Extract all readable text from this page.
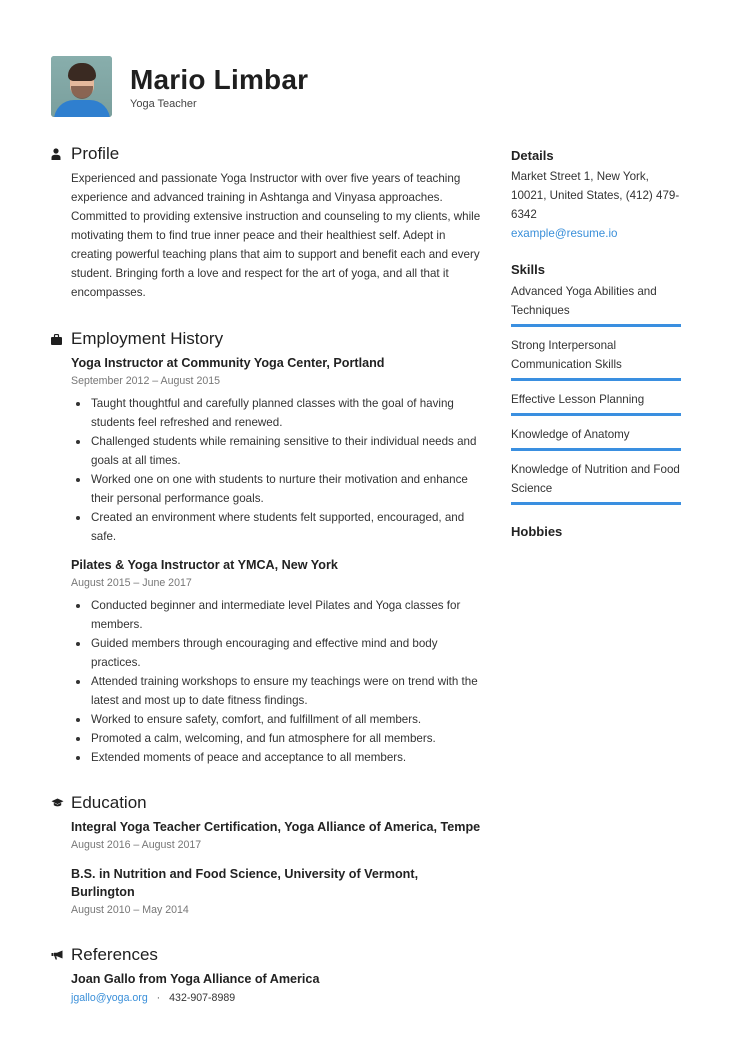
Mario Limbar
Yoga Teacher
Profile

Experienced and passionate Yoga Instructor with over five years of teaching experience and advanced training in Ashtanga and Vinyasa approaches. Committed to providing extensive instruction and counseling to my clients, while motivating them to find true inner peace and their healthiest self. Adept in creating powerful teaching plans that aim to support and benefit each and every student. Bringing forth a love and respect for the art of yoga, and all that it encompasses.

Employment History
Yoga Instructor at Community Yoga Center, Portland
September 2012 – August 2015
Taught thoughtful and carefully planned classes with the goal of having students feel refreshed and renewed.
Challenged students while remaining sensitive to their individual needs and goals at all times.
Worked one on one with students to nurture their motivation and enhance their personal performance goals.
Created an environment where students felt supported, encouraged, and safe.
Pilates & Yoga Instructor at YMCA, New York
August 2015 – June 2017
Conducted beginner and intermediate level Pilates and Yoga classes for members.
Guided members through encouraging and effective mind and body practices.
Attended training workshops to ensure my teachings were on trend with the latest and most up to date fitness findings.
Worked to ensure safety, comfort, and fulfillment of all members.
Promoted a calm, welcoming, and fun atmosphere for all members.
Extended moments of peace and acceptance to all members.
Education
Integral Yoga Teacher Certification, Yoga Alliance of America, Tempe
August 2016 – August 2017
B.S. in Nutrition and Food Science, University of Vermont, Burlington
August 2010 – May 2014
References
Joan Gallo from Yoga Alliance of America
jgallo@yoga.org · 432-907-8989
Details
Market Street 1, New York, 10021, United States, (412) 479-6342
example@resume.io
Skills
Advanced Yoga Abilities and Techniques
Strong Interpersonal Communication Skills
Effective Lesson Planning
Knowledge of Anatomy
Knowledge of Nutrition and Food Science
Hobbies
